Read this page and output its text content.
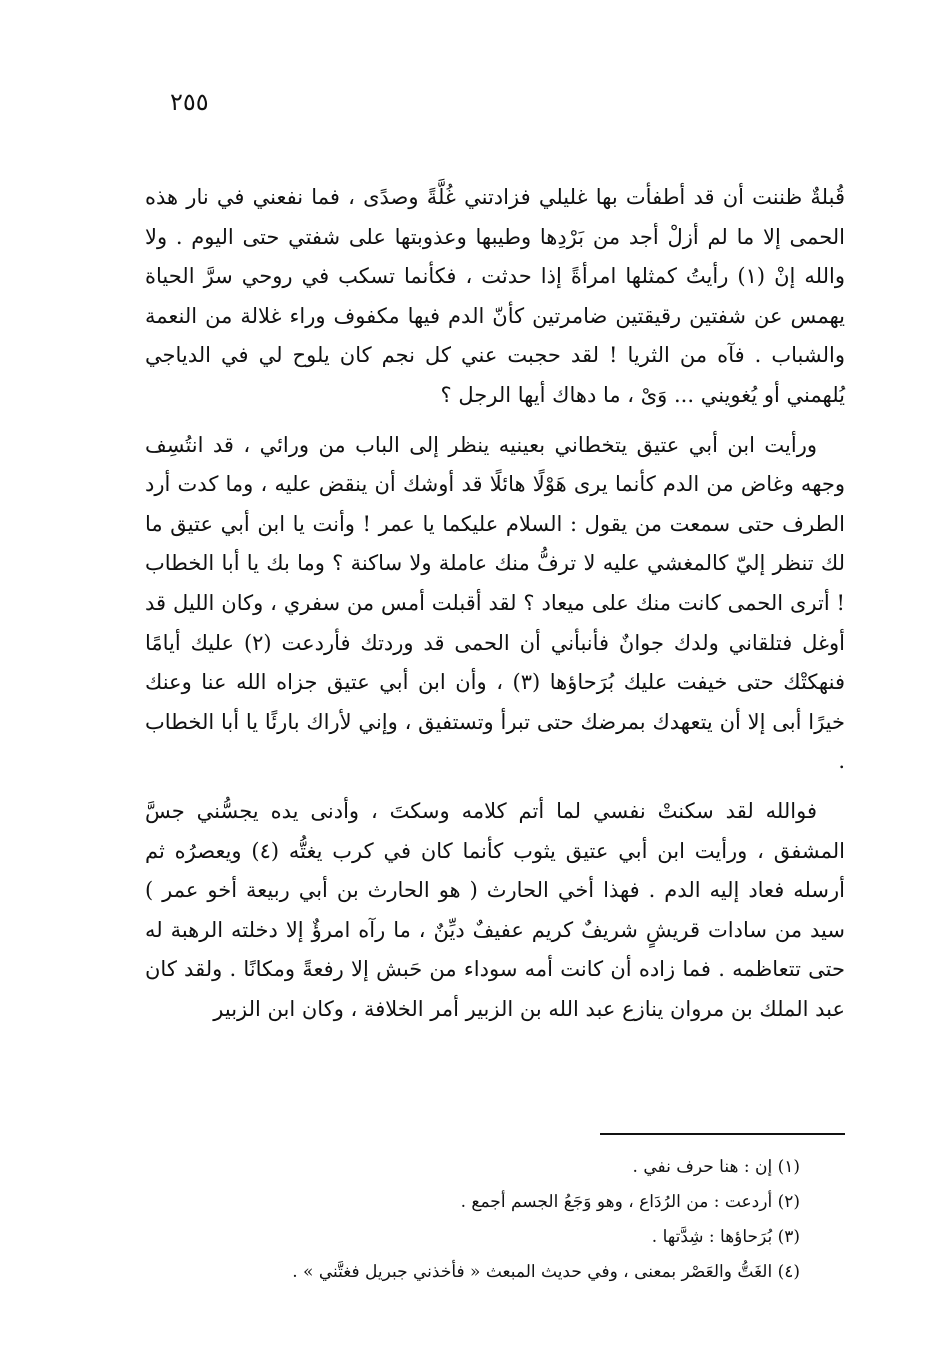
٢٥٥

قُبلةٌ ظننت أن قد أطفأت بها غليلي فزادتني غُلَّةً وصدًى ، فما نفعني في نار هذه الحمى إلا ما لم أزلْ أجد من بَرْدِها وطيبها وعذوبتها على شفتي حتى اليوم . ولا والله إنْ (١) رأيتُ كمثلها امرأةً إذا حدثت ، فكأنما تسكب في روحي سرَّ الحياة يهمس عن شفتين رقيقتين ضامرتين كأنّ الدم فيها مكفوف وراء غلالة من النعمة والشباب . فآه من الثريا ! لقد حجبت عني كل نجم كان يلوح لي في الدياجي يُلهمني أو يُغويني ... وَىْ ، ما دهاك أيها الرجل ؟

ورأيت ابن أبي عتيق يتخطاني بعينيه ينظر إلى الباب من ورائي ، قد انتُسِف وجهه وغاض من الدم كأنما يرى هَوْلًا هائلًا قد أوشك أن ينقض عليه ، وما كدت أرد الطرف حتى سمعت من يقول : السلام عليكما يا عمر ! وأنت يا ابن أبي عتيق ما لك تنظر إليّ كالمغشي عليه لا ترفُّ منك عاملة ولا ساكنة ؟ وما بك يا أبا الخطاب ! أترى الحمى كانت منك على ميعاد ؟ لقد أقبلت أمس من سفري ، وكان الليل قد أوغل فتلقاني ولدك جوانٌ فأنبأني أن الحمى قد وردتك فأردعت (٢) عليك أيامًا فنهكتْك حتى خيفت عليك بُرَحاؤها (٣) ، وأن ابن أبي عتيق جزاه الله عنا وعنك خيرًا أبى إلا أن يتعهدك بمرضك حتى تبرأ وتستفيق ، وإني لأراك بارئًا يا أبا الخطاب .

فوالله لقد سكنتْ نفسي لما أتم كلامه وسكتَ ، وأدنى يده يجسُّني جسَّ المشفق ، ورأيت ابن أبي عتيق يثوب كأنما كان في كرب يغتُّه (٤) ويعصرُه ثم أرسله فعاد إليه الدم . فهذا أخي الحارث ( هو الحارث بن أبي ربيعة أخو عمر ) سيد من سادات قريشٍ شريفٌ كريم عفيفٌ ديِّنٌ ، ما رآه امرؤٌ إلا دخلته الرهبة له حتى تتعاظمه . فما زاده أن كانت أمه سوداء من حَبش إلا رفعةً ومكانًا . ولقد كان عبد الملك بن مروان ينازع عبد الله بن الزبير أمر الخلافة ، وكان ابن الزبير

(١) إن : هنا حرف نفي .
(٢) أردعت : من الرُدَاع ، وهو وَجَعُ الجسم أجمع .
(٣) بُرَحاؤها : شِدَّتها .
(٤) الغَتُّ والعَصْر بمعنى ، وفي حديث المبعث « فأخذني جبريل فغتَّني » .
